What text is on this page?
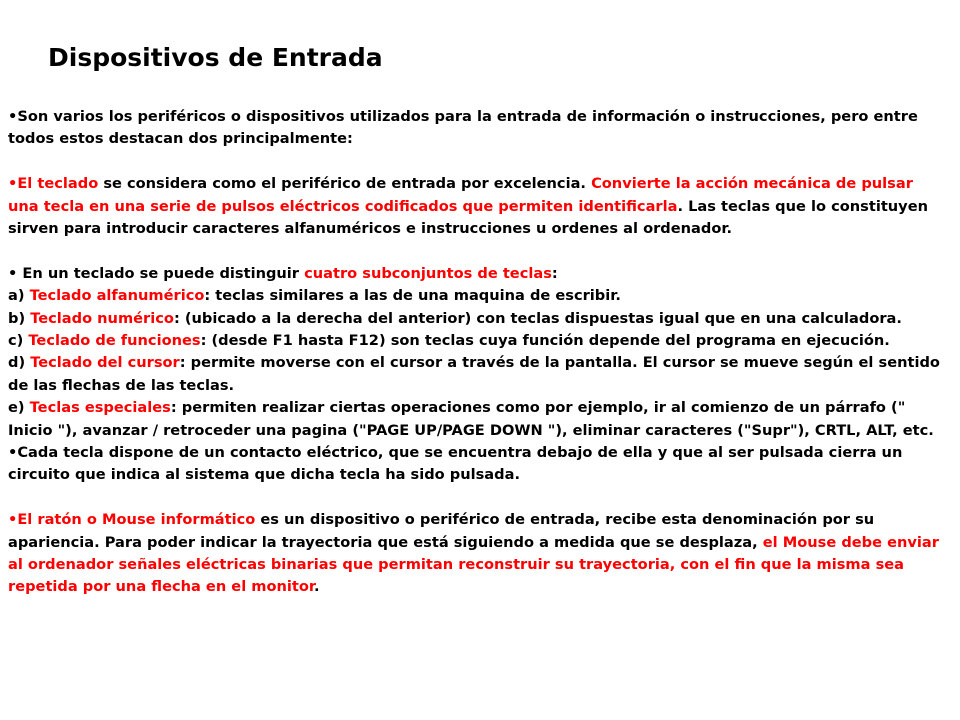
Dispositivos de Entrada

•Son varios los periféricos o dispositivos utilizados para la entrada de información o instrucciones, pero entre todos estos destacan dos principalmente:

•El teclado se considera como el periférico de entrada por excelencia. Convierte la acción mecánica de pulsar una tecla en una serie de pulsos eléctricos codificados que permiten identificarla. Las teclas que lo constituyen sirven para introducir caracteres alfanuméricos e instrucciones u ordenes al ordenador.

• En un teclado se puede distinguir cuatro subconjuntos de teclas:

a) Teclado alfanumérico: teclas similares a las de una maquina de escribir.

b) Teclado numérico: (ubicado a la derecha del anterior) con teclas dispuestas igual que en una calculadora.

c) Teclado de funciones: (desde F1 hasta F12) son teclas cuya función depende del programa en ejecución.

d) Teclado del cursor: permite moverse con el cursor a través de la pantalla. El cursor se mueve según el sentido de las flechas de las teclas.

e) Teclas especiales: permiten realizar ciertas operaciones como por ejemplo, ir al comienzo de un párrafo (" Inicio "), avanzar / retroceder una pagina ("PAGE UP/PAGE DOWN "), eliminar caracteres ("Supr"), CRTL, ALT, etc.

•Cada tecla dispone de un contacto eléctrico, que se encuentra debajo de ella y que al ser pulsada cierra un circuito que indica al sistema que dicha tecla ha sido pulsada.

•El ratón o Mouse informático es un dispositivo o periférico de entrada, recibe esta denominación por su apariencia. Para poder indicar la trayectoria que está siguiendo a medida que se desplaza, el Mouse debe enviar al ordenador señales eléctricas binarias que permitan reconstruir su trayectoria, con el fin que la misma sea repetida por una flecha en el monitor.
